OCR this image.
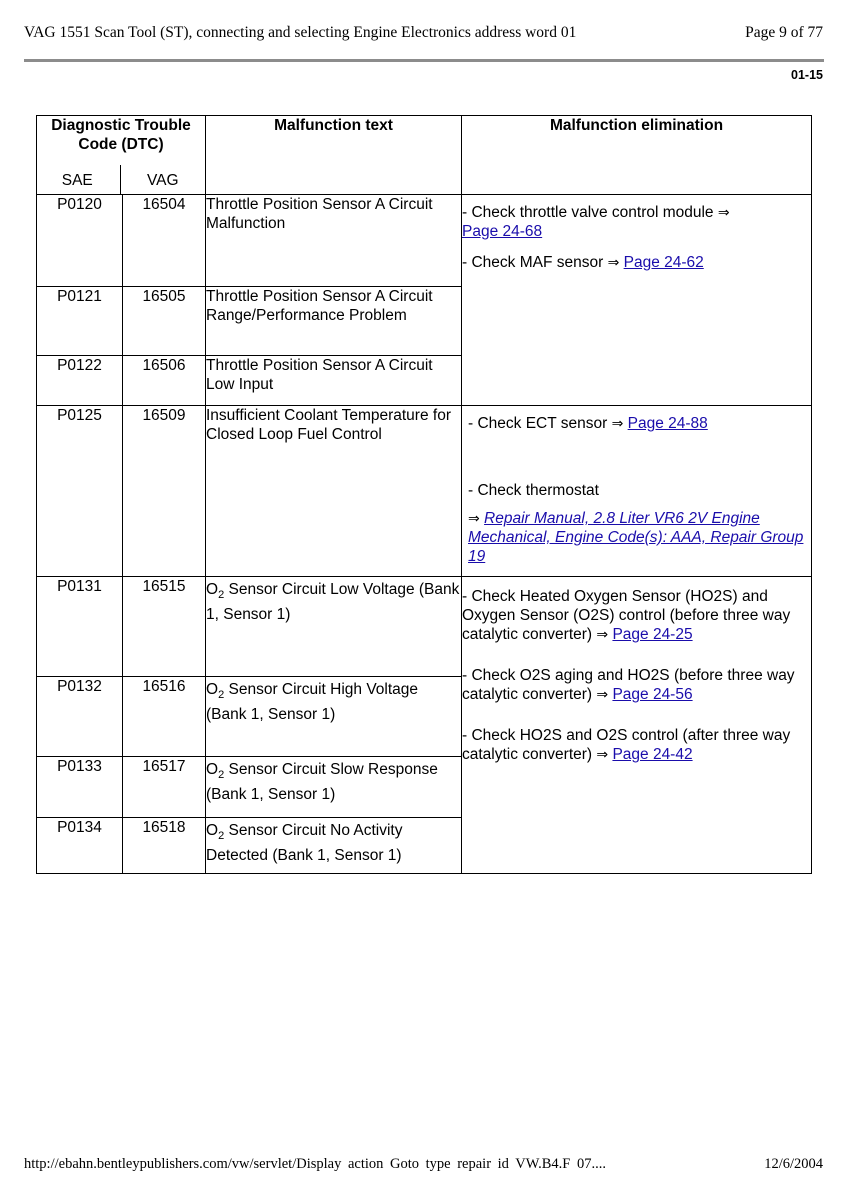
VAG 1551 Scan Tool (ST), connecting and selecting Engine Electronics address word 01	Page 9 of 77
01-15
Diagnostic Trouble Code (DTC)
SAE VAG		Malfunction text	Malfunction elimination
P0120	16504	Throttle Position Sensor A Circuit Malfunction	- Check throttle valve control module ⇒
Page 24-68

- Check MAF sensor ⇒ Page 24-62

P0121	16505	Throttle Position Sensor A Circuit Range/Performance Problem	
P0122	16506	Throttle Position Sensor A Circuit Low Input	
P0125	16509	Insufficient Coolant Temperature for Closed Loop Fuel Control	- Check ECT sensor ⇒ Page 24-88

- Check thermostat

⇒ Repair Manual, 2.8 Liter VR6 2V Engine Mechanical, Engine Code(s): AAA, Repair Group 19

P0131	16515	$O_2$ Sensor Circuit Low Voltage (Bank 1, Sensor 1)	- Check Heated Oxygen Sensor (HO2S) and Oxygen Sensor (O2S) control (before three way catalytic converter) ⇒ Page 24-25

- Check O2S aging and HO2S (before three way catalytic converter) ⇒ Page 24-56

- Check HO2S and O2S control (after three way catalytic converter) ⇒ Page 24-42

P0132	16516	$O_2$ Sensor Circuit High Voltage (Bank 1, Sensor 1)	
P0133	16517	$O_2$ Sensor Circuit Slow Response (Bank 1, Sensor 1)	
P0134	16518	$O_2$ Sensor Circuit No Activity Detected (Bank 1, Sensor 1)	
http://ebahn.bentleypublishers.com/vw/servlet/Display action Goto type repair id VW.B4.F 07....	12/6/2004
